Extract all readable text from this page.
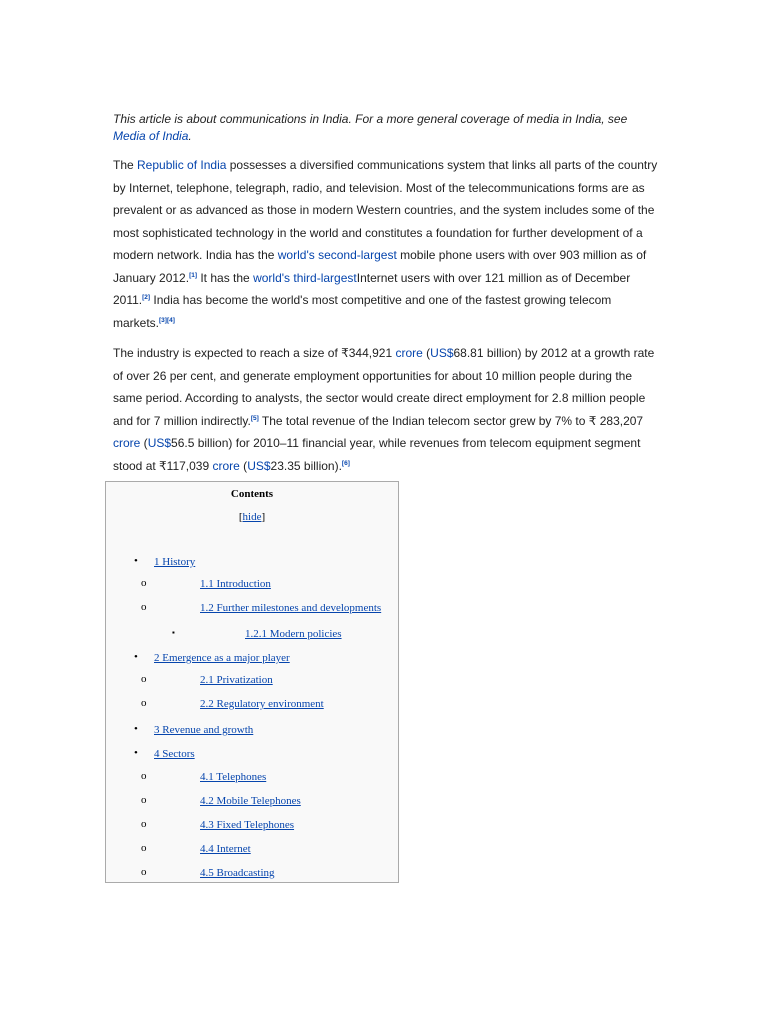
This article is about communications in India. For a more general coverage of media in India, see Media of India.
The Republic of India possesses a diversified communications system that links all parts of the country by Internet, telephone, telegraph, radio, and television. Most of the telecommunications forms are as prevalent or as advanced as those in modern Western countries, and the system includes some of the most sophisticated technology in the world and constitutes a foundation for further development of a modern network. India has the world's second-largest mobile phone users with over 903 million as of January 2012.[1] It has the world's third-largestInternet users with over 121 million as of December 2011.[2] India has become the world's most competitive and one of the fastest growing telecom markets.[3][4]
The industry is expected to reach a size of ₹344,921 crore (US$68.81 billion) by 2012 at a growth rate of over 26 per cent, and generate employment opportunities for about 10 million people during the same period. According to analysts, the sector would create direct employment for 2.8 million people and for 7 million indirectly.[5] The total revenue of the Indian telecom sector grew by 7% to ₹ 283,207 crore (US$56.5 billion) for 2010–11 financial year, while revenues from telecom equipment segment stood at ₹117,039 crore (US$23.35 billion).[6]
Contents
[hide]
• 1 History
o	1.1 Introduction
o	1.2 Further milestones and developments
▪	1.2.1 Modern policies
• 2 Emergence as a major player
o	2.1 Privatization
o	2.2 Regulatory environment
• 3 Revenue and growth
• 4 Sectors
o	4.1 Telephones
o	4.2 Mobile Telephones
o	4.3 Fixed Telephones
o	4.4 Internet
o	4.5 Broadcasting
